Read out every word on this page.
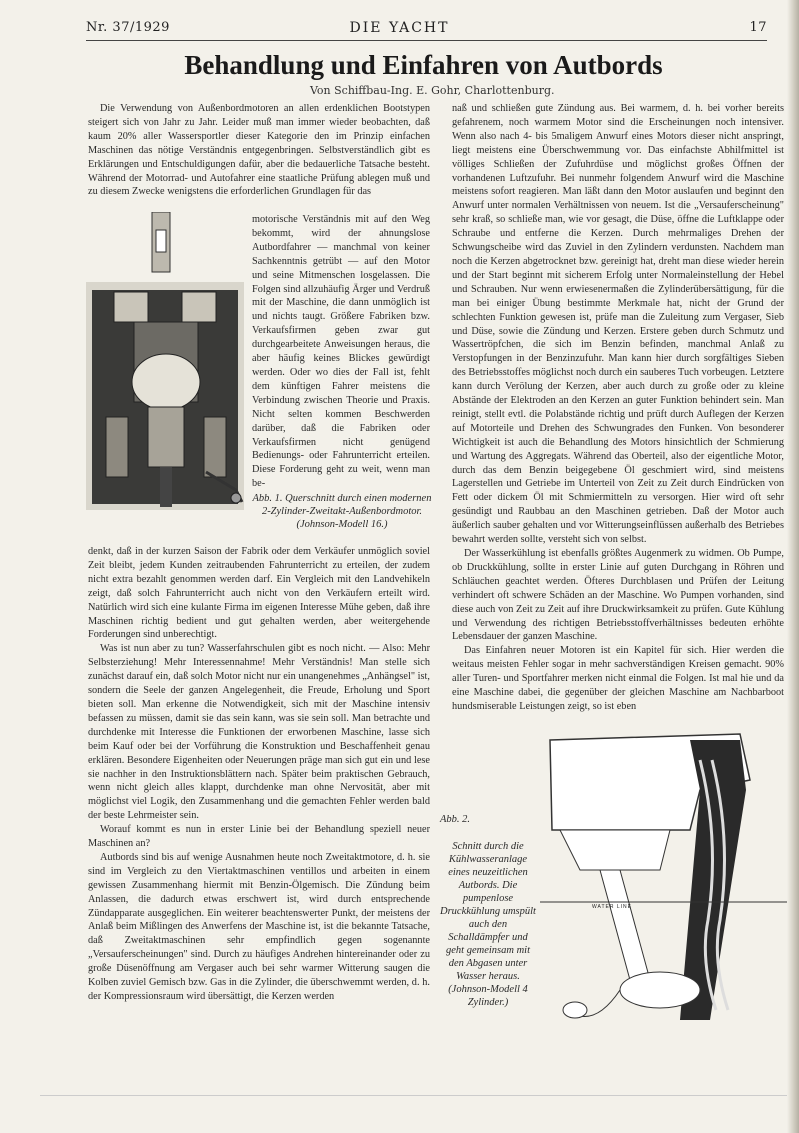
Nr. 37/1929	DIE YACHT	17
Behandlung und Einfahren von Autbords
Von Schiffbau-Ing. E. Gohr, Charlottenburg.

Die Verwendung von Außenbordmotoren an allen erdenklichen Bootstypen steigert sich von Jahr zu Jahr. Leider muß man immer wieder beobachten, daß kaum 20% aller Wassersportler dieser Kategorie den im Prinzip einfachen Maschinen das nötige Verständnis entgegenbringen. Selbstverständlich gibt es Erklärungen und Entschuldigungen dafür, aber die bedauerliche Tatsache besteht. Während der Motorrad- und Autofahrer eine staatliche Prüfung ablegen muß und zu diesem Zwecke wenigstens die erforderlichen Grundlagen für das

motorische Verständnis mit auf den Weg bekommt, wird der ahnungslose Autbordfahrer — manchmal von keiner Sachkenntnis getrübt — auf den Motor und seine Mitmenschen losgelassen. Die Folgen sind allzuhäufig Ärger und Verdruß mit der Maschine, die dann unmöglich ist und nichts taugt. Größere Fabriken bzw. Verkaufsfirmen geben zwar gut durchgearbeitete Anweisungen heraus, die aber häufig keines Blickes gewürdigt werden. Oder wo dies der Fall ist, fehlt dem künftigen Fahrer meistens die Verbindung zwischen Theorie und Praxis. Nicht selten kommen Beschwerden darüber, daß die Fabriken oder Verkaufsfirmen nicht genügend Bedienungs- oder Fahrunterricht erteilen. Diese Forderung geht zu weit, wenn man be-

Abb. 1. Querschnitt durch einen modernen 2-Zylinder-Zweitakt-Außenbordmotor. (Johnson-Modell 16.)

denkt, daß in der kurzen Saison der Fabrik oder dem Verkäufer unmöglich soviel Zeit bleibt, jedem Kunden zeitraubenden Fahrunterricht zu erteilen, der zudem nicht extra bezahlt genommen werden darf. Ein Vergleich mit den Landvehikeln zeigt, daß solch Fahrunterricht auch nicht von den Verkäufern erteilt wird. Natürlich wird sich eine kulante Firma im eigenen Interesse Mühe geben, daß ihre Maschinen richtig bedient und gut gehalten werden, aber weitergehende Forderungen sind unberechtigt.

Was ist nun aber zu tun? Wasserfahrschulen gibt es noch nicht. — Also: Mehr Selbsterziehung! Mehr Interessennahme! Mehr Verständnis! Man stelle sich zunächst darauf ein, daß solch Motor nicht nur ein unangenehmes „Anhängsel" ist, sondern die Seele der ganzen Angelegenheit, die Freude, Erholung und Sport bieten soll. Man erkenne die Notwendigkeit, sich mit der Maschine intensiv befassen zu müssen, damit sie das sein kann, was sie sein soll. Man betrachte und durchdenke mit Interesse die Funktionen der erworbenen Maschine, lasse sich beim Kauf oder bei der Vorführung die Konstruktion und Beschaffenheit genau erklären. Besondere Eigenheiten oder Neuerungen präge man sich gut ein und lese sie nachher in den Instruktionsblättern nach. Später beim praktischen Gebrauch, wenn nicht gleich alles klappt, durchdenke man ohne Nervosität, aber mit möglichst viel Logik, den Zusammenhang und die gemachten Fehler werden bald der beste Lehrmeister sein.

Worauf kommt es nun in erster Linie bei der Behandlung speziell neuer Maschinen an?

Autbords sind bis auf wenige Ausnahmen heute noch Zweitaktmotore, d. h. sie sind im Vergleich zu den Viertaktmaschinen ventillos und arbeiten in einem gewissen Zusammenhang hiermit mit Benzin-Ölgemisch. Die Zündung beim Anlassen, die dadurch etwas erschwert ist, wird durch entsprechende Zündapparate ausgeglichen. Ein weiterer beachtenswerter Punkt, der meistens der Anlaß beim Mißlingen des Anwerfens der Maschine ist, ist die bekannte Tatsache, daß Zweitaktmaschinen sehr empfindlich gegen sogenannte „Versauferscheinungen" sind. Durch zu häufiges Andrehen hintereinander oder zu große Düsenöffnung am Vergaser auch bei sehr warmer Witterung saugen die Kolben zuviel Gemisch bzw. Gas in die Zylinder, die überschwemmt werden, d. h. der Kompressionsraum wird übersättigt, die Kerzen werden

naß und schließen gute Zündung aus. Bei warmem, d. h. bei vorher bereits gefahrenem, noch warmem Motor sind die Erscheinungen noch intensiver. Wenn also nach 4- bis 5maligem Anwurf eines Motors dieser nicht anspringt, liegt meistens eine Überschwemmung vor. Das einfachste Abhilfmittel ist völliges Schließen der Zufuhrdüse und möglichst großes Öffnen der vorhandenen Luftzufuhr. Bei nunmehr folgendem Anwurf wird die Maschine meistens sofort reagieren. Man läßt dann den Motor auslaufen und beginnt den Anwurf unter normalen Verhältnissen von neuem. Ist die „Versauferscheinung" sehr kraß, so schließe man, wie vor gesagt, die Düse, öffne die Luftklappe oder Schraube und entferne die Kerzen. Durch mehrmaliges Drehen der Schwungscheibe wird das Zuviel in den Zylindern verdunsten. Nachdem man noch die Kerzen abgetrocknet bzw. gereinigt hat, dreht man diese wieder herein und der Start beginnt mit sicherem Erfolg unter Normaleinstellung der Hebel und Schrauben. Nur wenn erwiesenermaßen die Zylinderübersättigung, für die man bei einiger Übung bestimmte Merkmale hat, nicht der Grund der schlechten Funktion gewesen ist, prüfe man die Zuleitung zum Vergaser, Sieb und Düse, sowie die Zündung und Kerzen. Erstere geben durch Schmutz und Wassertröpfchen, die sich im Benzin befinden, manchmal Anlaß zu Verstopfungen in der Benzinzufuhr. Man kann hier durch sorgfältiges Sieben des Betriebsstoffes möglichst noch durch ein sauberes Tuch vorbeugen. Letztere kann durch Verölung der Kerzen, aber auch durch zu große oder zu kleine Abstände der Elektroden an den Kerzen an guter Funktion behindert sein. Man reinigt, stellt evtl. die Polabstände richtig und prüft durch Auflegen der Kerzen auf Motorteile und Drehen des Schwungrades den Funken. Von besonderer Wichtigkeit ist auch die Behandlung des Motors hinsichtlich der Schmierung und Wartung des Aggregats. Während das Oberteil, also der eigentliche Motor, durch das dem Benzin beigegebene Öl geschmiert wird, sind meistens Lagerstellen und Getriebe im Unterteil von Zeit zu Zeit durch Eindrücken von Fett oder dickem Öl mit Schmiermitteln zu versorgen. Hier wird oft sehr gesündigt und Raubbau an den Maschinen getrieben. Daß der Motor auch äußerlich sauber gehalten und vor Witterungseinflüssen außerhalb des Betriebes bewahrt werden sollte, versteht sich von selbst.

Der Wasserkühlung ist ebenfalls größtes Augenmerk zu widmen. Ob Pumpe, ob Druckkühlung, sollte in erster Linie auf guten Durchgang in Röhren und Schläuchen geachtet werden. Öfteres Durchblasen und Prüfen der Leitung verhindert oft schwere Schäden an der Maschine. Wo Pumpen vorhanden, sind diese auch von Zeit zu Zeit auf ihre Druckwirksamkeit zu prüfen. Gute Kühlung und Verwendung des richtigen Betriebsstoffverhältnisses bedeuten erhöhte Lebensdauer der ganzen Maschine.

Das Einfahren neuer Motoren ist ein Kapitel für sich. Hier werden die weitaus meisten Fehler sogar in mehr sachverständigen Kreisen gemacht. 90% aller Turen- und Sportfahrer merken nicht einmal die Folgen. Ist mal hie und da eine Maschine dabei, die gegenüber der gleichen Maschine am Nachbarboot hundsmiserable Leistungen zeigt, so ist eben

Abb. 2.
Schnitt durch die Kühlwasseranlage eines neuzeitlichen Autbords. Die pumpenlose Druckkühlung umspült auch den Schalldämpfer und geht gemeinsam mit den Abgasen unter Wasser heraus. (Johnson-Modell 4 Zylinder.)
WATER LINE
